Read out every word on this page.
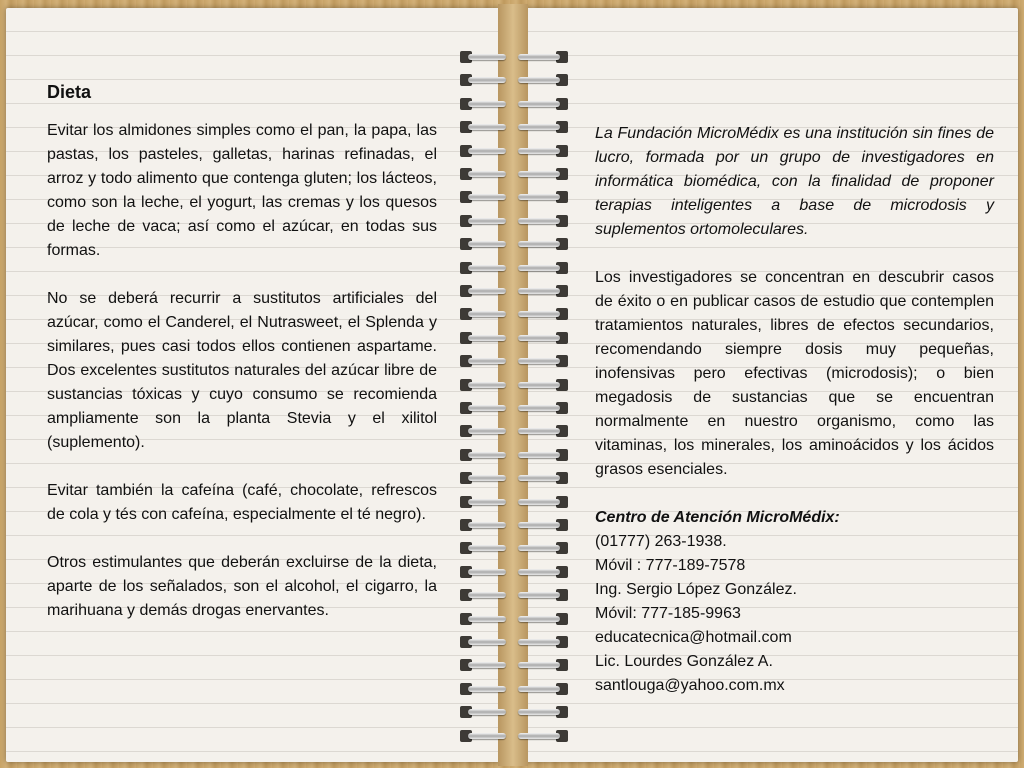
Dieta

Evitar los almidones simples como el pan, la papa, las pastas, los pasteles, galletas, harinas refinadas, el arroz y todo alimento que contenga gluten; los lácteos, como son la leche, el yogurt, las cremas y los quesos de leche de vaca; así como el azúcar, en todas sus formas.

No se deberá recurrir a sustitutos artificiales del azúcar, como el Canderel, el Nutrasweet, el Splenda y similares, pues casi todos ellos contienen aspartame. Dos excelentes sustitutos naturales del azúcar libre de sustancias tóxicas y cuyo consumo se recomienda ampliamente son la planta Stevia y el xilitol (suplemento).

Evitar también la cafeína (café, chocolate, refrescos de cola y tés con cafeína, especialmente el té negro).

Otros estimulantes que deberán excluirse de la dieta, aparte de los señalados, son el alcohol, el cigarro, la marihuana y demás drogas enervantes.

La Fundación MicroMédix es una institución sin fines de lucro, formada por un grupo de investigadores en informática biomédica, con la finalidad de proponer terapias inteligentes a base de microdosis y suplementos ortomoleculares.

Los investigadores se concentran en descubrir casos de éxito o en publicar casos de estudio que contemplen tratamientos naturales, libres de efectos secundarios, recomendando siempre dosis muy pequeñas, inofensivas pero efectivas (microdosis); o bien megadosis de sustancias que se encuentran normalmente en nuestro organismo, como las vitaminas, los minerales, los aminoácidos y los ácidos grasos esenciales.

Centro de Atención MicroMédix:
(01777) 263-1938.
Móvil : 777-189-7578
Ing. Sergio López González.
Móvil: 777-185-9963
educatecnica@hotmail.com
Lic. Lourdes González A.
santlouga@yahoo.com.mx
